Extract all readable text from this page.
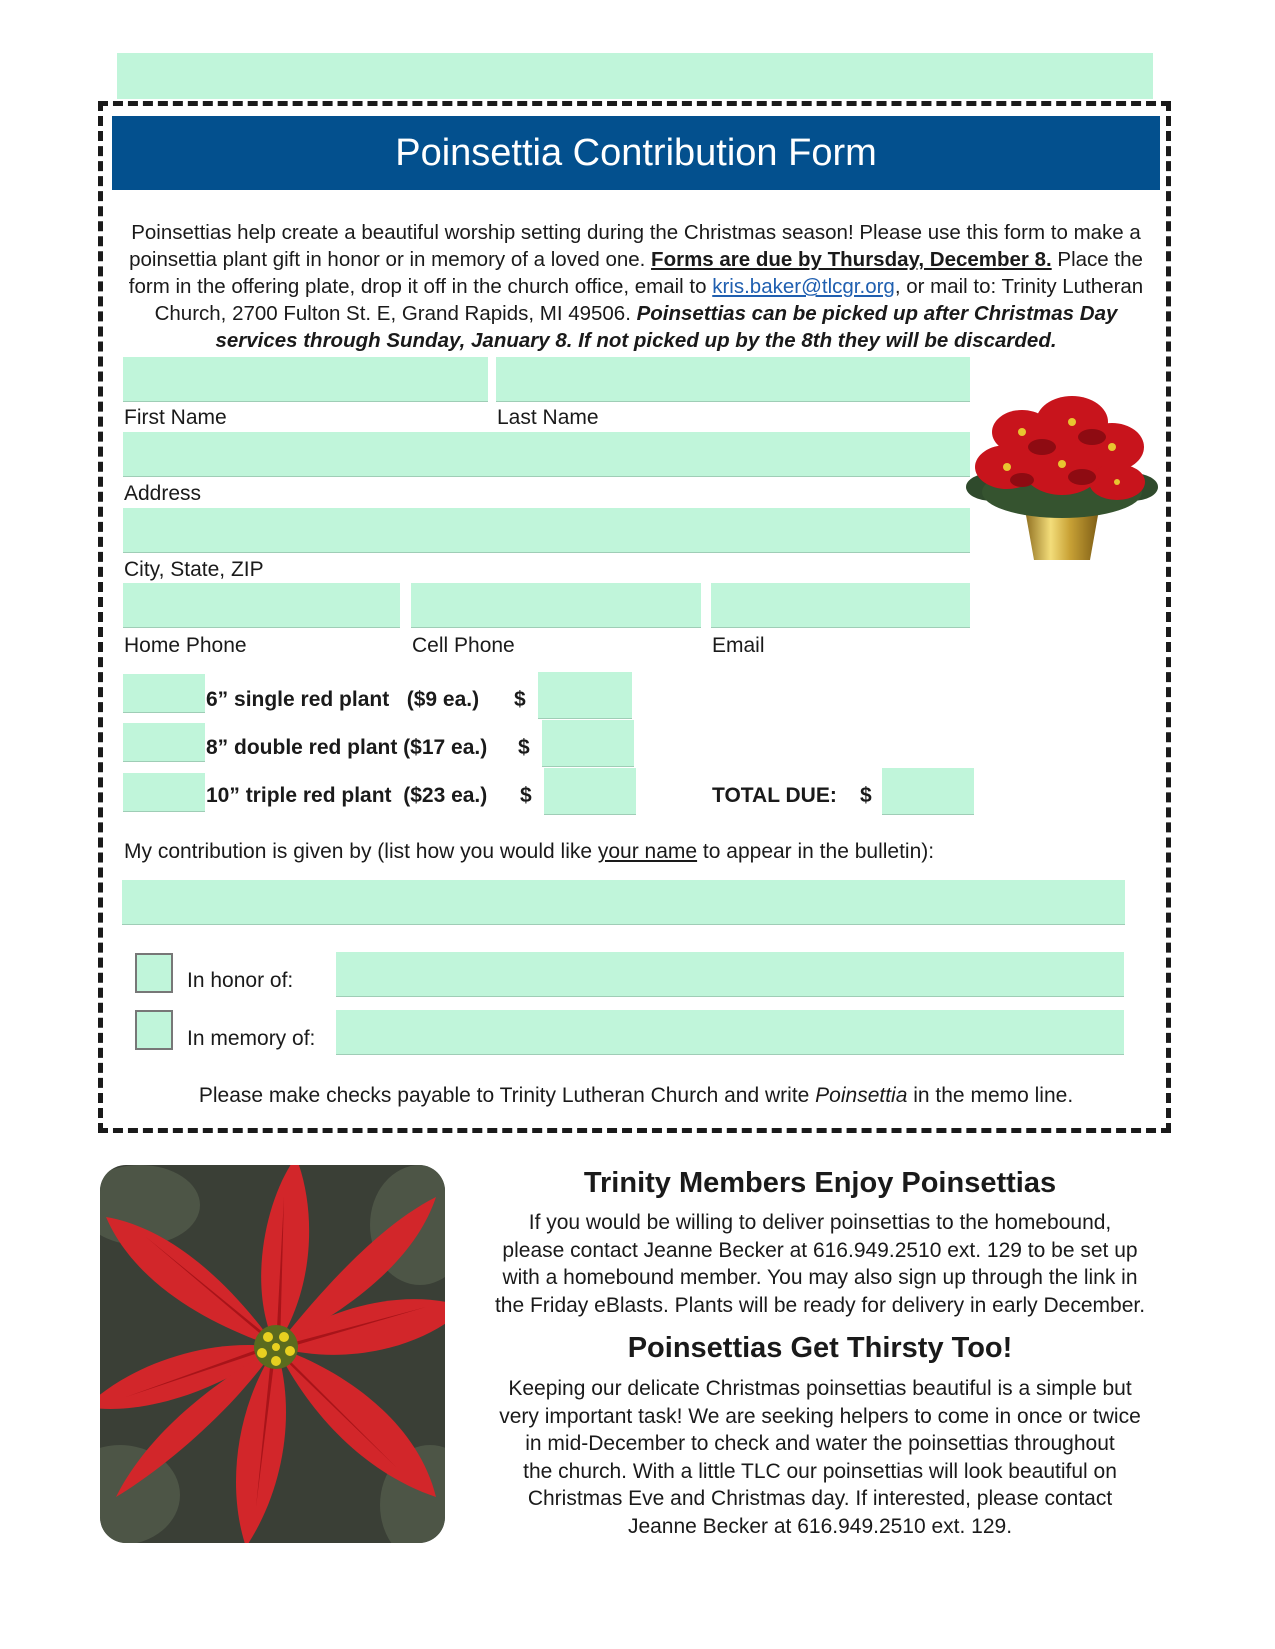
Poinsettia Contribution Form
Poinsettias help create a beautiful worship setting during the Christmas season! Please use this form to make a poinsettia plant gift in honor or in memory of a loved one. Forms are due by Thursday, December 8. Place the form in the offering plate, drop it off in the church office, email to kris.baker@tlcgr.org, or mail to: Trinity Lutheran Church, 2700 Fulton St. E, Grand Rapids, MI 49506. Poinsettias can be picked up after Christmas Day services through Sunday, January 8. If not picked up by the 8th they will be discarded.
First Name	Last Name
Address
City, State, ZIP
Home Phone	Cell Phone	Email
6” single red plant   ($9 ea.) $
8” double red plant ($17 ea.) $
10” triple red plant  ($23 ea.) $	TOTAL DUE: $
My contribution is given by (list how you would like your name to appear in the bulletin):
In honor of:
In memory of:
Please make checks payable to Trinity Lutheran Church and write Poinsettia in the memo line.
Trinity Members Enjoy Poinsettias
If you would be willing to deliver poinsettias to the homebound,
please contact Jeanne Becker at 616.949.2510 ext. 129 to be set up
with a homebound member. You may also sign up through the link in
the Friday eBlasts. Plants will be ready for delivery in early December.
Poinsettias Get Thirsty Too!
Keeping our delicate Christmas poinsettias beautiful is a simple but
very important task! We are seeking helpers to come in once or twice
in mid-December to check and water the poinsettias throughout
the church. With a little TLC our poinsettias will look beautiful on
Christmas Eve and Christmas day. If interested, please contact
Jeanne Becker at 616.949.2510 ext. 129.
